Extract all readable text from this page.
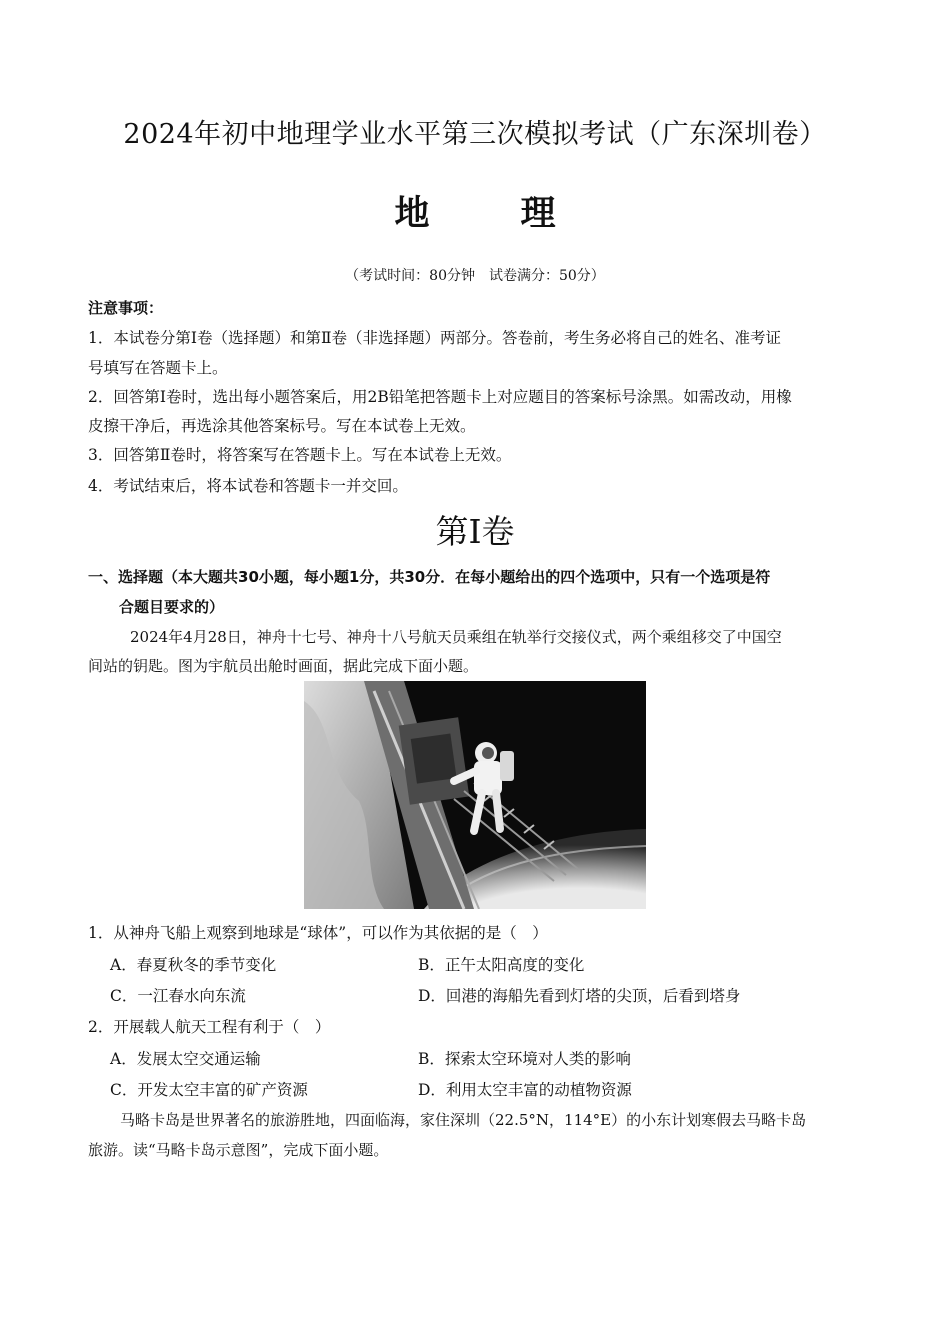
2024年初中地理学业水平第三次模拟考试（广东深圳卷）
地　理
（考试时间：80分钟　试卷满分：50分）
注意事项：
1．本试卷分第Ⅰ卷（选择题）和第Ⅱ卷（非选择题）两部分。答卷前，考生务必将自己的姓名、准考证
号填写在答题卡上。
2．回答第Ⅰ卷时，选出每小题答案后，用2B铅笔把答题卡上对应题目的答案标号涂黑。如需改动，用橡
皮擦干净后，再选涂其他答案标号。写在本试卷上无效。
3．回答第Ⅱ卷时，将答案写在答题卡上。写在本试卷上无效。
4．考试结束后，将本试卷和答题卡一并交回。
第Ⅰ卷
一、选择题（本大题共30小题，每小题1分，共30分．在每小题给出的四个选项中，只有一个选项是符
合题目要求的）
2024年4月28日，神舟十七号、神舟十八号航天员乘组在轨举行交接仪式，两个乘组移交了中国空
间站的钥匙。图为宇航员出舱时画面，据此完成下面小题。
1．从神舟飞船上观察到地球是“球体”，可以作为其依据的是（　）
A．春夏秋冬的季节变化	B．正午太阳高度的变化
C．一江春水向东流	D．回港的海船先看到灯塔的尖顶，后看到塔身
2．开展载人航天工程有利于（　）
A．发展太空交通运输	B．探索太空环境对人类的影响
C．开发太空丰富的矿产资源	D．利用太空丰富的动植物资源
马略卡岛是世界著名的旅游胜地，四面临海，家住深圳（22.5°N，114°E）的小东计划寒假去马略卡岛
旅游。读“马略卡岛示意图”，完成下面小题。
